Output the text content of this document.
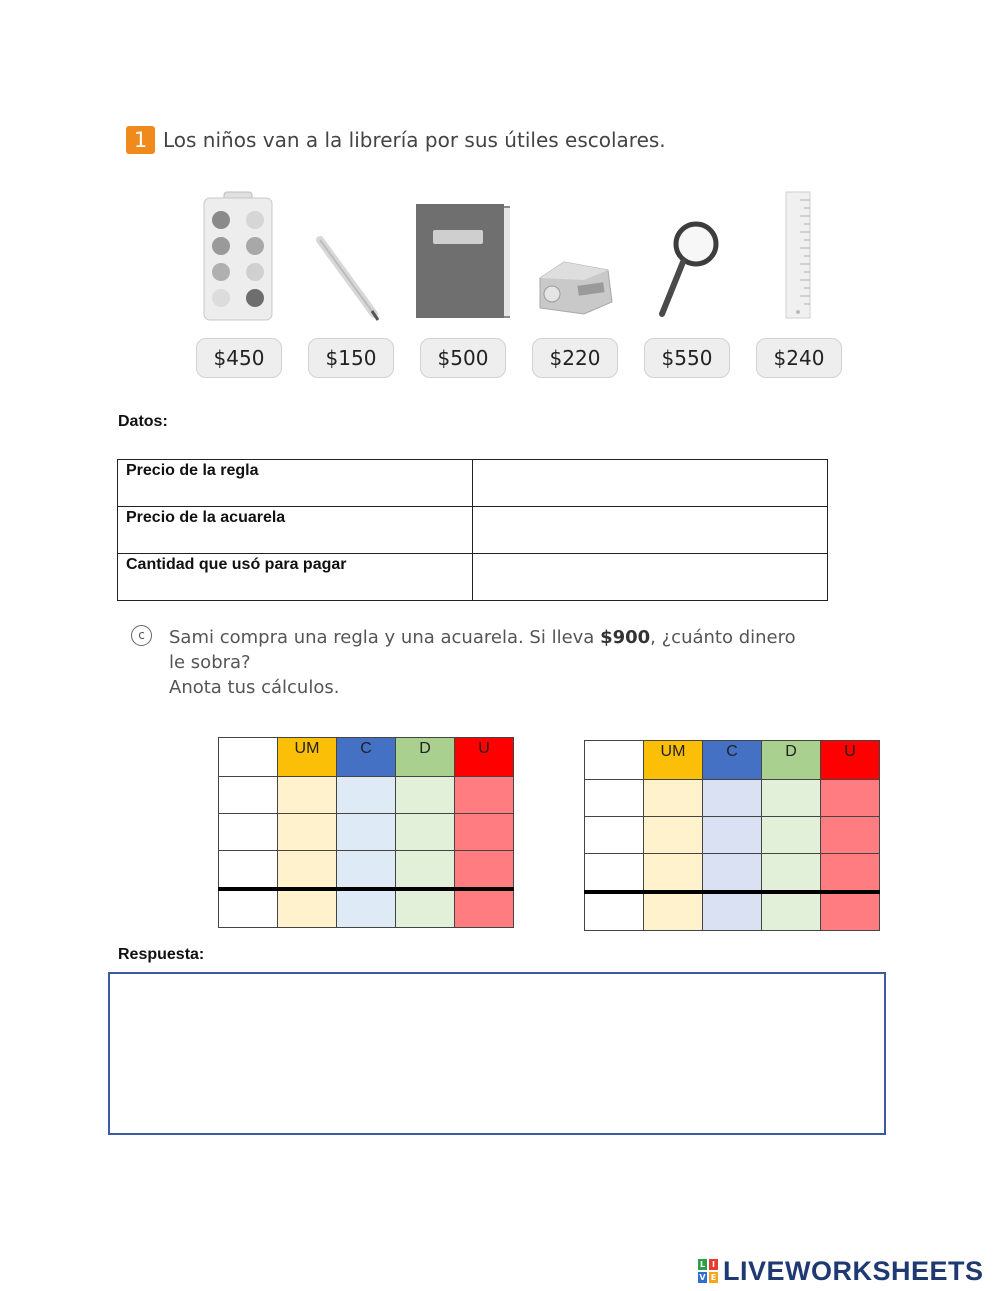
1 Los niños van a la librería por sus útiles escolares.
$450	$150	$500	$220	$550	$240
Datos:
Precio de la regla	
Precio de la acuarela	
Cantidad que usó para pagar	
c	Sami compra una regla y una acuarela. Si lleva $900, ¿cuánto dinero
le sobra?
Anota tus cálculos.
	UM	C	D	U

		UM	C	D	U

Respuesta:
L I
V E LIVEWORKSHEETS
